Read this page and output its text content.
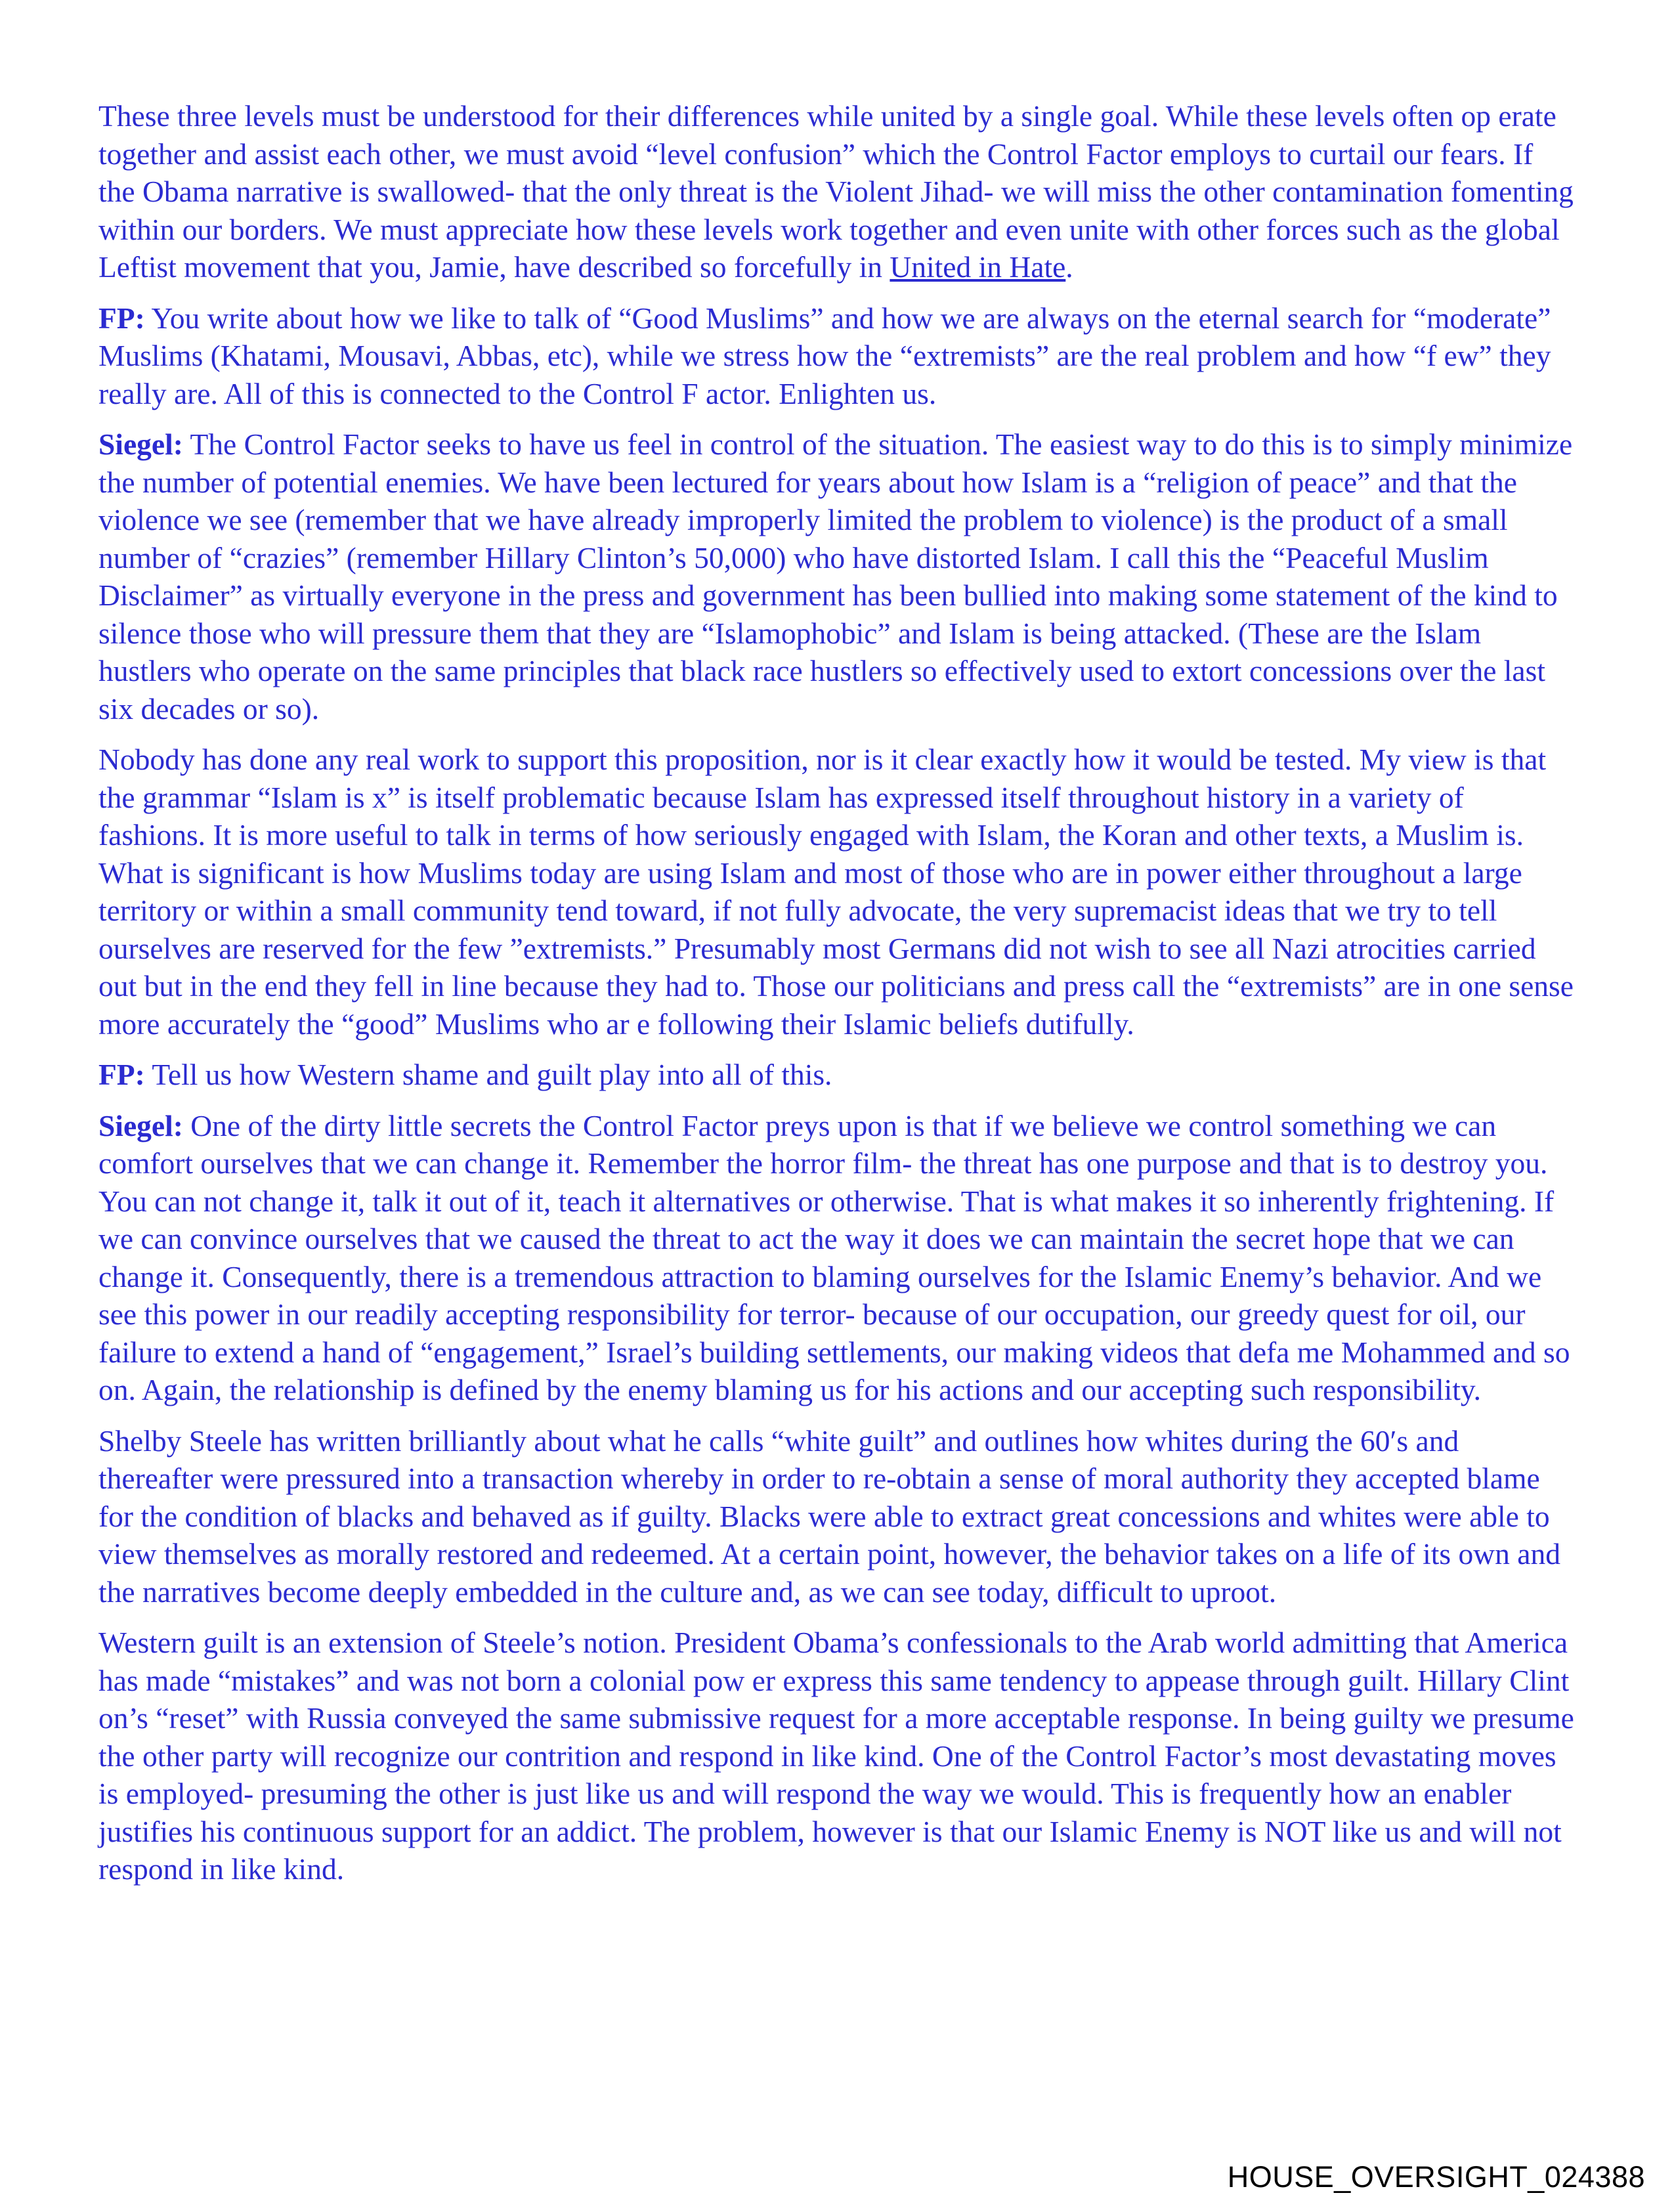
These three levels must be understood for their differences while united by a single goal. While these levels often op erate together and assist each other, we must avoid “level confusion” which the Control Factor employs to curtail our fears. If the Obama narrative is swallowed- that the only threat is the Violent Jihad- we will miss the other contamination fomenting within our borders. We must appreciate how these levels work together and even unite with other forces such as the global Leftist movement that you, Jamie, have described so forcefully in United in Hate.

FP: You write about how we like to talk of “Good Muslims” and how we are always on the eternal search for “moderate” Muslims (Khatami, Mousavi, Abbas, etc), while we stress how the “extremists” are the real problem and how “f ew” they really are. All of this is connected to the Control F actor. Enlighten us.

Siegel: The Control Factor seeks to have us feel in control of the situation. The easiest way to do this is to simply minimize the number of potential enemies. We have been lectured for years about how Islam is a “religion of peace” and that the violence we see (remember that we have already improperly limited the problem to violence) is the product of a small number of “crazies” (remember Hillary Clinton’s 50,000) who have distorted Islam. I call this the “Peaceful Muslim Disclaimer” as virtually everyone in the press and government has been bullied into making some statement of the kind to silence those who will pressure them that they are “Islamophobic” and Islam is being attacked. (These are the Islam hustlers who operate on the same principles that black race hustlers so effectively used to extort concessions over the last six decades or so).

Nobody has done any real work to support this proposition, nor is it clear exactly how it would be tested. My view is that the grammar “Islam is x” is itself problematic because Islam has expressed itself throughout history in a variety of fashions. It is more useful to talk in terms of how seriously engaged with Islam, the Koran and other texts, a Muslim is. What is significant is how Muslims today are using Islam and most of those who are in power either throughout a large territory or within a small community tend toward, if not fully advocate, the very supremacist ideas that we try to tell ourselves are reserved for the few ”extremists.” Presumably most Germans did not wish to see all Nazi atrocities carried out but in the end they fell in line because they had to. Those our politicians and press call the “extremists” are in one sense more accurately the “good” Muslims who ar e following their Islamic beliefs dutifully.

FP: Tell us how Western shame and guilt play into all of this.

Siegel: One of the dirty little secrets the Control Factor preys upon is that if we believe we control something we can comfort ourselves that we can change it. Remember the horror film- the threat has one purpose and that is to destroy you. You can not change it, talk it out of it, teach it alternatives or otherwise. That is what makes it so inherently frightening. If we can convince ourselves that we caused the threat to act the way it does we can maintain the secret hope that we can change it. Consequently, there is a tremendous attraction to blaming ourselves for the Islamic Enemy’s behavior. And we see this power in our readily accepting responsibility for terror- because of our occupation, our greedy quest for oil, our failure to extend a hand of “engagement,” Israel’s building settlements, our making videos that defa me Mohammed and so on. Again, the relationship is defined by the enemy blaming us for his actions and our accepting such responsibility.

Shelby Steele has written brilliantly about what he calls “white guilt” and outlines how whites during the 60′s and thereafter were pressured into a transaction whereby in order to re-obtain a sense of moral authority they accepted blame for the condition of blacks and behaved as if guilty. Blacks were able to extract great concessions and whites were able to view themselves as morally restored and redeemed. At a certain point, however, the behavior takes on a life of its own and the narratives become deeply embedded in the culture and, as we can see today, difficult to uproot.

Western guilt is an extension of Steele’s notion. President Obama’s confessionals to the Arab world admitting that America has made “mistakes” and was not born a colonial pow er express this same tendency to appease through guilt. Hillary Clint on’s “reset” with Russia conveyed the same submissive request for a more acceptable response. In being guilty we presume the other party will recognize our contrition and respond in like kind. One of the Control Factor’s most devastating moves is employed- presuming the other is just like us and will respond the way we would. This is frequently how an enabler justifies his continuous support for an addict. The problem, however is that our Islamic Enemy is NOT like us and will not respond in like kind.

HOUSE_OVERSIGHT_024388
